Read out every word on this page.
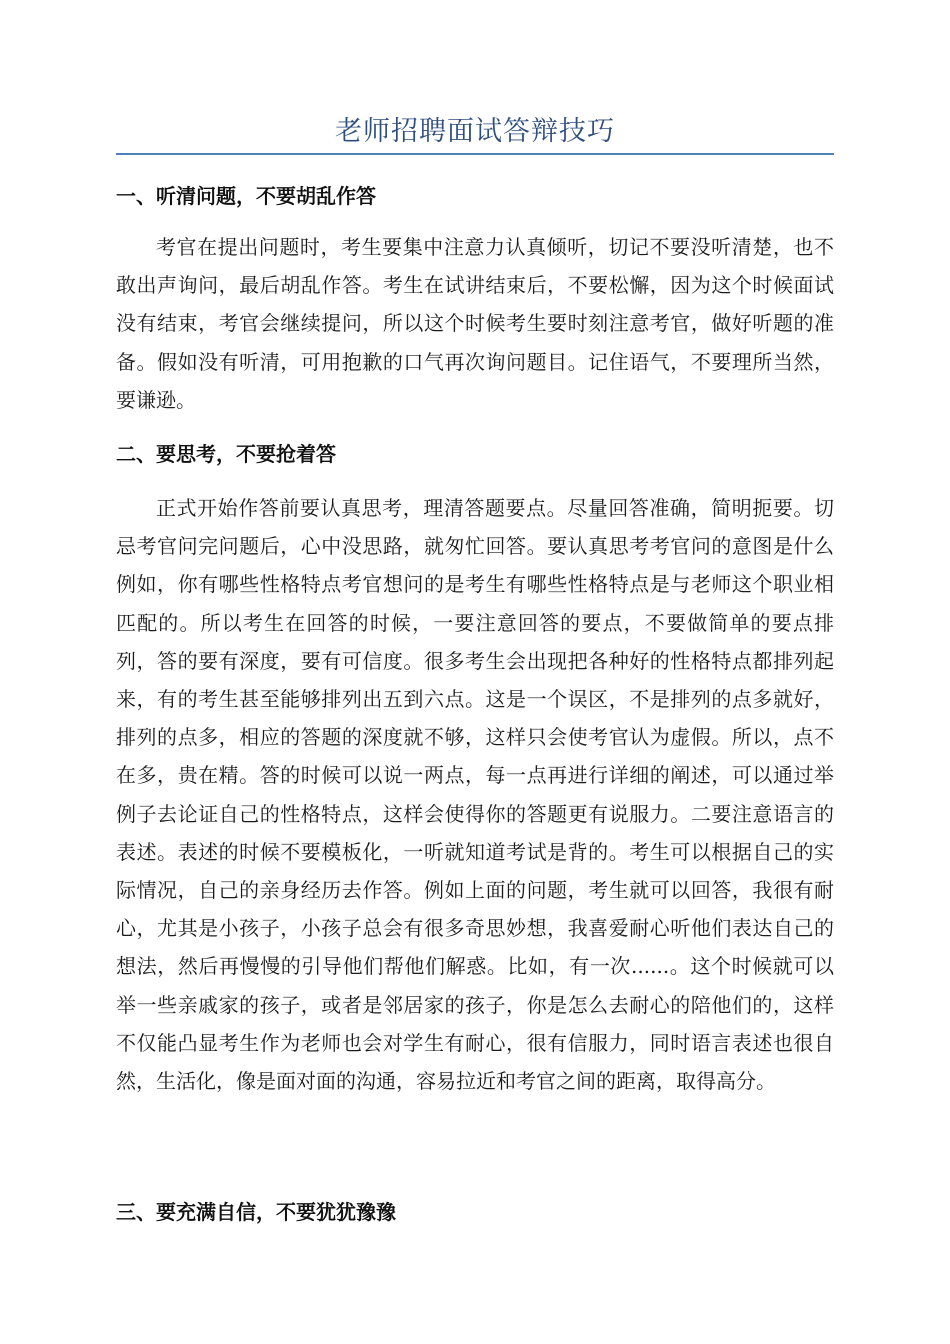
老师招聘面试答辩技巧
一、听清问题，不要胡乱作答
考官在提出问题时，考生要集中注意力认真倾听，切记不要没听清楚，也不敢出声询问，最后胡乱作答。考生在试讲结束后，不要松懈，因为这个时候面试没有结束，考官会继续提问，所以这个时候考生要时刻注意考官，做好听题的准备。假如没有听清，可用抱歉的口气再次询问题目。记住语气，不要理所当然，要谦逊。
二、要思考，不要抢着答
正式开始作答前要认真思考，理清答题要点。尽量回答准确，简明扼要。切忌考官问完问题后，心中没思路，就匆忙回答。要认真思考考官问的意图是什么例如，你有哪些性格特点考官想问的是考生有哪些性格特点是与老师这个职业相匹配的。所以考生在回答的时候，一要注意回答的要点，不要做简单的要点排列，答的要有深度，要有可信度。很多考生会出现把各种好的性格特点都排列起来，有的考生甚至能够排列出五到六点。这是一个误区，不是排列的点多就好，排列的点多，相应的答题的深度就不够，这样只会使考官认为虚假。所以，点不在多，贵在精。答的时候可以说一两点，每一点再进行详细的阐述，可以通过举例子去论证自己的性格特点，这样会使得你的答题更有说服力。二要注意语言的表述。表述的时候不要模板化，一听就知道考试是背的。考生可以根据自己的实际情况，自己的亲身经历去作答。例如上面的问题，考生就可以回答，我很有耐心，尤其是小孩子，小孩子总会有很多奇思妙想，我喜爱耐心听他们表达自己的想法，然后再慢慢的引导他们帮他们解惑。比如，有一次......。这个时候就可以举一些亲戚家的孩子，或者是邻居家的孩子，你是怎么去耐心的陪他们的，这样不仅能凸显考生作为老师也会对学生有耐心，很有信服力，同时语言表述也很自然，生活化，像是面对面的沟通，容易拉近和考官之间的距离，取得高分。
三、要充满自信，不要犹犹豫豫
